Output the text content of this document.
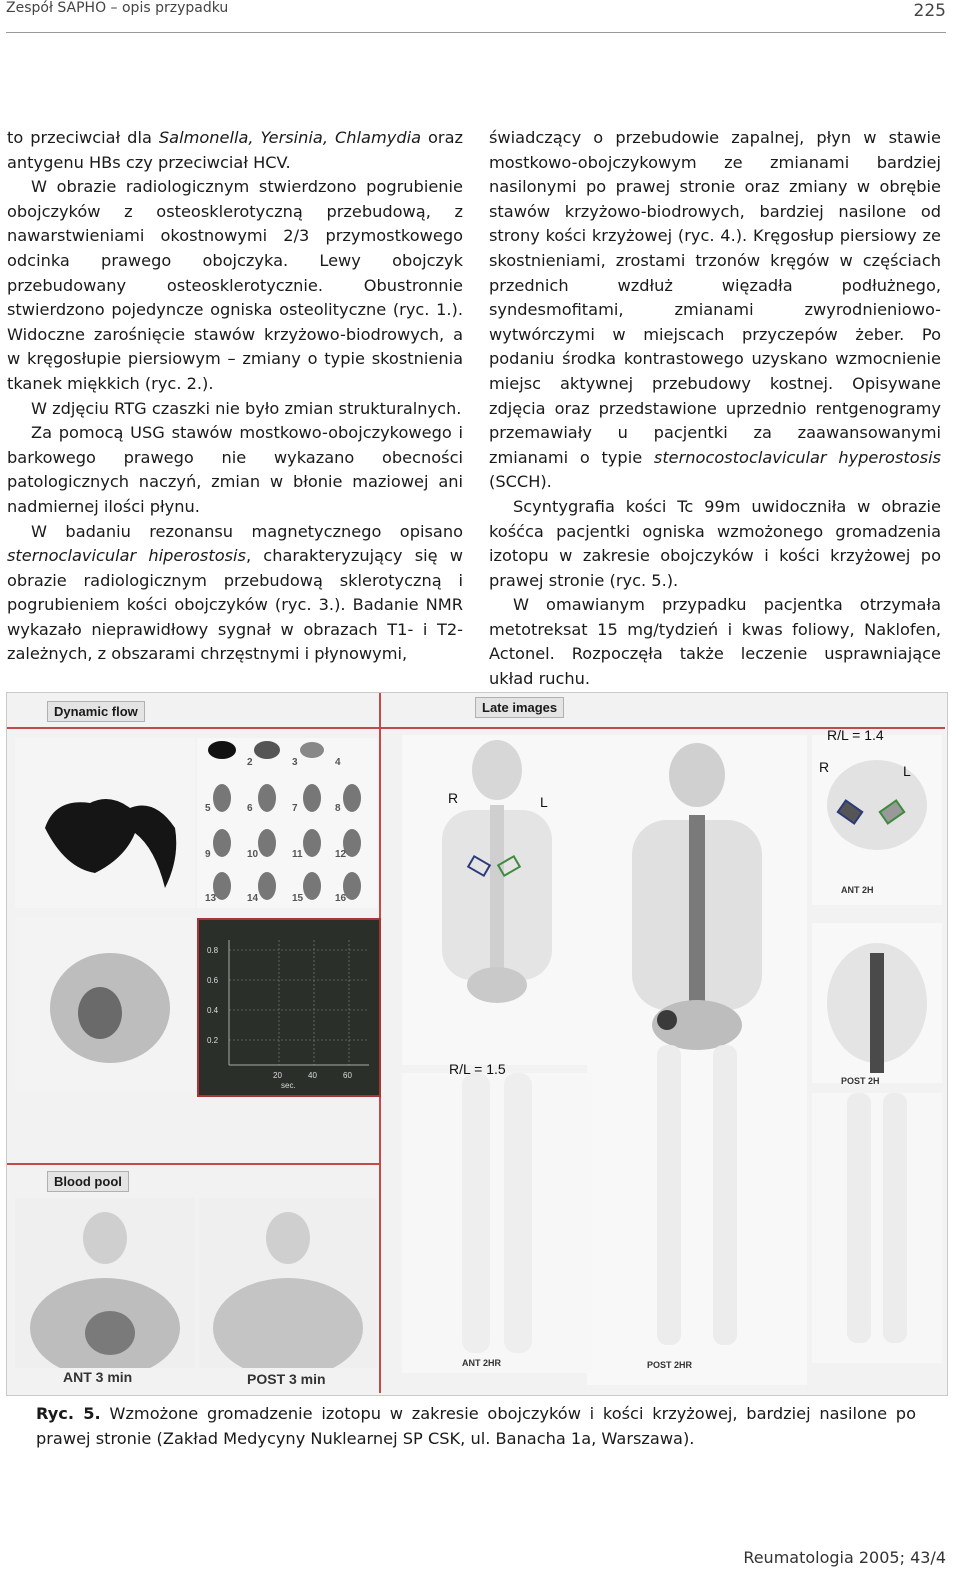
Zespół SAPHO – opis przypadku	225

to przeciwciał dla Salmonella, Yersinia, Chlamydia oraz antygenu HBs czy przeciwciał HCV.

W obrazie radiologicznym stwierdzono pogrubienie obojczyków z osteosklerotyczną przebudową, z nawarstwieniami okostnowymi 2/3 przymostkowego odcinka prawego obojczyka. Lewy obojczyk przebudowany osteosklerotycznie. Obustronnie stwierdzono pojedyncze ogniska osteolityczne (ryc. 1.). Widoczne zarośnięcie stawów krzyżowo-biodrowych, a w kręgosłupie piersiowym – zmiany o typie skostnienia tkanek miękkich (ryc. 2.).

W zdjęciu RTG czaszki nie było zmian strukturalnych.

Za pomocą USG stawów mostkowo-obojczykowego i barkowego prawego nie wykazano obecności patologicznych naczyń, zmian w błonie maziowej ani nadmiernej ilości płynu.

W badaniu rezonansu magnetycznego opisano sternoclavicular hiperostosis, charakteryzujący się w obrazie radiologicznym przebudową sklerotyczną i pogrubieniem kości obojczyków (ryc. 3.). Badanie NMR wykazało nieprawidłowy sygnał w obrazach T1- i T2-zależnych, z obszarami chrzęstnymi i płynowymi,

świadczący o przebudowie zapalnej, płyn w stawie mostkowo-obojczykowym ze zmianami bardziej nasilonymi po prawej stronie oraz zmiany w obrębie stawów krzyżowo-biodrowych, bardziej nasilone od strony kości krzyżowej (ryc. 4.). Kręgosłup piersiowy ze skostnieniami, zrostami trzonów kręgów w częściach przednich wzdłuż więzadła podłużnego, syndesmofitami, zmianami zwyrodnieniowo-wytwórczymi w miejscach przyczepów żeber. Po podaniu środka kontrastowego uzyskano wzmocnienie miejsc aktywnej przebudowy kostnej. Opisywane zdjęcia oraz przedstawione uprzednio rentgenogramy przemawiały u pacjentki za zaawansowanymi zmianami o typie sternocostoclavicular hyperostosis (SCCH).

Scyntygrafia kości Tc 99m uwidoczniła w obrazie kośćca pacjentki ogniska wzmożonego gromadzenia izotopu w zakresie obojczyków i kości krzyżowej po prawej stronie (ryc. 5.).

W omawianym przypadku pacjentka otrzymała metotreksat 15 mg/tydzień i kwas foliowy, Naklofen, Actonel. Rozpoczęła także leczenie usprawniające układ ruchu.

Dynamic flow	Late images
Blood pool
2	3	4
5	6	7	8
9	10	11	12
13	14	15	16
0.8
0.6
0.4
0.2
20	40	60
sec.
R/L = 1.4
R	L
R	L
R/L = 1.5
ANT 2H
POST 2H
ANT 2HR	POST 2HR
ANT 3 min	POST 3 min
Ryc. 5. Wzmożone gromadzenie izotopu w zakresie obojczyków i kości krzyżowej, bardziej nasilone po prawej stronie (Zakład Medycyny Nuklearnej SP CSK, ul. Banacha 1a, Warszawa).
Reumatologia 2005; 43/4
